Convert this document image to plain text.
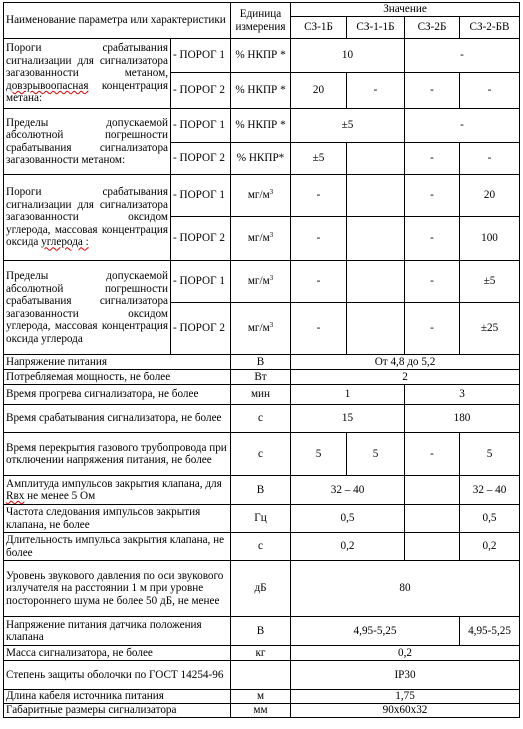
Наименование параметра или характеристики		Единица измерения	Значение			
			СЗ-1Б	СЗ-1-1Б	СЗ-2Б	СЗ-2-БВ
Пороги срабатывания сигнализации для сигнализатора загазованности метаном, довзрывоопасная концентрация метана:	- ПОРОГ 1	% НКПР *	10		-	
	- ПОРОГ 2	% НКПР *	20	-	-	-
Пределы допускаемой абсолютной погрешности срабатывания сигнализатора загазованности метаном:	- ПОРОГ 1	% НКПР *	±5		-	
	- ПОРОГ 2	% НКПР*	±5		-	-
Пороги срабатывания сигнализации для сигнализатора загазованности оксидом углерода, массовая концентрация оксида углерода :	- ПОРОГ 1	$мг/м^3$	-		-	20
	- ПОРОГ 2	$мг/м^3$	-		-	100
Пределы допускаемой абсолютной погрешности срабатывания сигнализатора загазованности оксидом углерода, массовая концентрация оксида углерода	- ПОРОГ 1	$мг/м^3$	-		-	±5
	- ПОРОГ 2	$мг/м^3$	-		-	±25
Напряжение питания		В	От 4,8 до 5,2			
Потребляемая мощность, не более		Вт	2			
Время прогрева сигнализатора, не более		мин	1		3	
Время срабатывания сигнализатора, не более		с	15		180	
Время перекрытия газового трубопровода при отключении напряжения питания, не более		с	5	5	-	5
Амплитуда импульсов закрытия клапана, для Rвх не менее 5 Ом		В	32 – 40			32 – 40
Частота следования импульсов закрытия клапана, не более		Гц	0,5			0,5
Длительность импульса закрытия клапана, не более		с	0,2			0,2
Уровень звукового давления по оси звукового излучателя на расстоянии 1 м при уровне постороннего шума не более 50 дБ, не менее		дБ	80			
Напряжение питания датчика положения клапана		В	4,95-5,25			4,95-5,25
Масса сигнализатора, не более		кг	0,2			
Степень защиты оболочки по ГОСТ 14254-96			IP30			
Длина кабеля источника питания		м	1,75			
Габаритные размеры сигнализатора		мм	90x60x32			
